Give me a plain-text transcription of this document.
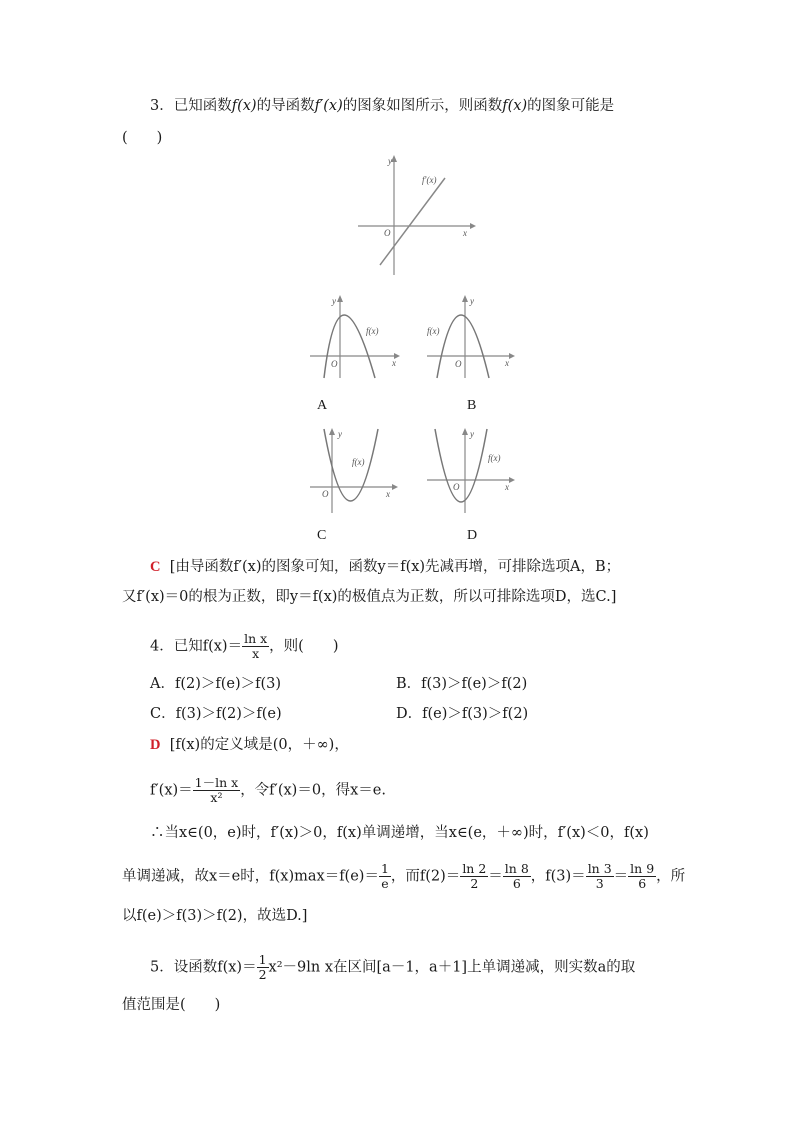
3．已知函数f(x)的导函数f′(x)的图象如图所示，则函数f(x)的图象可能是
(　　)
y
x
O
f′(x)
y
x
O
f(x)
A
y
x
O
f(x)
B
y
x
O
f(x)
C
y
x
O
f(x)
D
C [由导函数f′(x)的图象可知，函数y＝f(x)先减再增，可排除选项A，B；
又f′(x)＝0的根为正数，即y＝f(x)的极值点为正数，所以可排除选项D，选C.]
4．已知$f(x)= \frac{\text{ln x}}{x}$ ，则(　　)
A．f(2)＞f(e)＞f(3)	B．f(3)＞f(e)＞f(2)
C．f(3)＞f(2)＞f(e)	D．f(e)＞f(3)＞f(2)
D [f(x)的定义域是(0，＋∞)，
$f'(x)= \frac{\text{1－ln x}}{\text{x²}}$ ，令f′(x)＝0，得x＝e.
∴当x∈(0，e)时，f′(x)＞0，f(x)单调递增，当x∈(e，＋∞)时，f′(x)＜0，f(x)
单调递减，故x＝e时，$f(x)\max=f(e)= \frac{1}{e}$ ，而$f(2)= \frac{\ln 2}{2} = \frac{\ln 8}{6}$ ，$f(3)= \frac{\ln 3}{3} = \frac{\ln 9}{6}$ ，所
以f(e)＞f(3)＞f(2)，故选D.]
5．设函数$f(x)= \frac{1}{2} x^2-9\ln$ x在区间[a－1，a＋1]上单调递减，则实数a的取
值范围是(　　)
